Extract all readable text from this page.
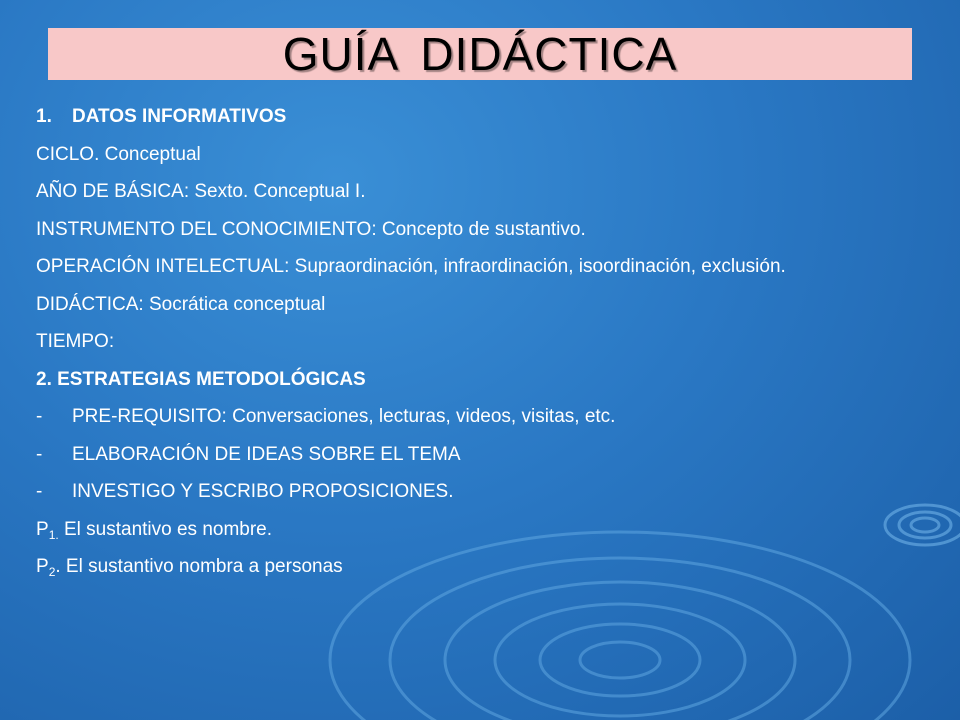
GUÍA DIDÁCTICA
1.	DATOS INFORMATIVOS
CICLO. Conceptual
AÑO DE BÁSICA: Sexto. Conceptual I.
INSTRUMENTO DEL CONOCIMIENTO: Concepto de sustantivo.
OPERACIÓN INTELECTUAL: Supraordinación, infraordinación, isoordinación, exclusión.
DIDÁCTICA: Socrática conceptual
TIEMPO:
2. ESTRATEGIAS METODOLÓGICAS
-	PRE-REQUISITO: Conversaciones, lecturas, videos, visitas, etc.
-	ELABORACIÓN DE IDEAS SOBRE EL TEMA
-	INVESTIGO Y ESCRIBO PROPOSICIONES.
$P_{1.}$ El sustantivo es nombre.
$P_2$. El sustantivo nombra a personas
